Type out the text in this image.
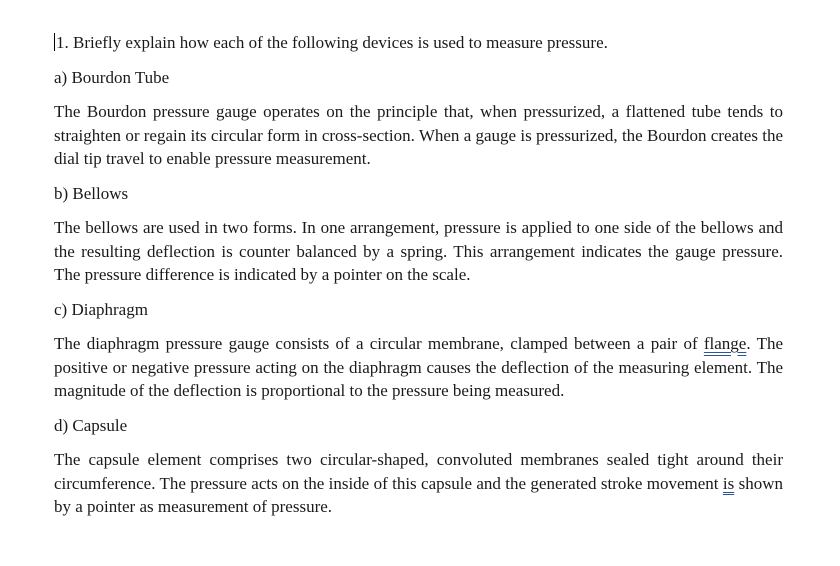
1. Briefly explain how each of the following devices is used to measure pressure.

a) Bourdon Tube

The Bourdon pressure gauge operates on the principle that, when pressurized, a flattened tube tends to straighten or regain its circular form in cross-section. When a gauge is pressurized, the Bourdon creates the dial tip travel to enable pressure measurement.

b) Bellows

The bellows are used in two forms. In one arrangement, pressure is applied to one side of the bellows and the resulting deflection is counter balanced by a spring. This arrangement indicates the gauge pressure. The pressure difference is indicated by a pointer on the scale.

c) Diaphragm

The diaphragm pressure gauge consists of a circular membrane, clamped between a pair of flange. The positive or negative pressure acting on the diaphragm causes the deflection of the measuring element. The magnitude of the deflection is proportional to the pressure being measured.

d) Capsule

The capsule element comprises two circular-shaped, convoluted membranes sealed tight around their circumference. The pressure acts on the inside of this capsule and the generated stroke movement is shown by a pointer as measurement of pressure.
